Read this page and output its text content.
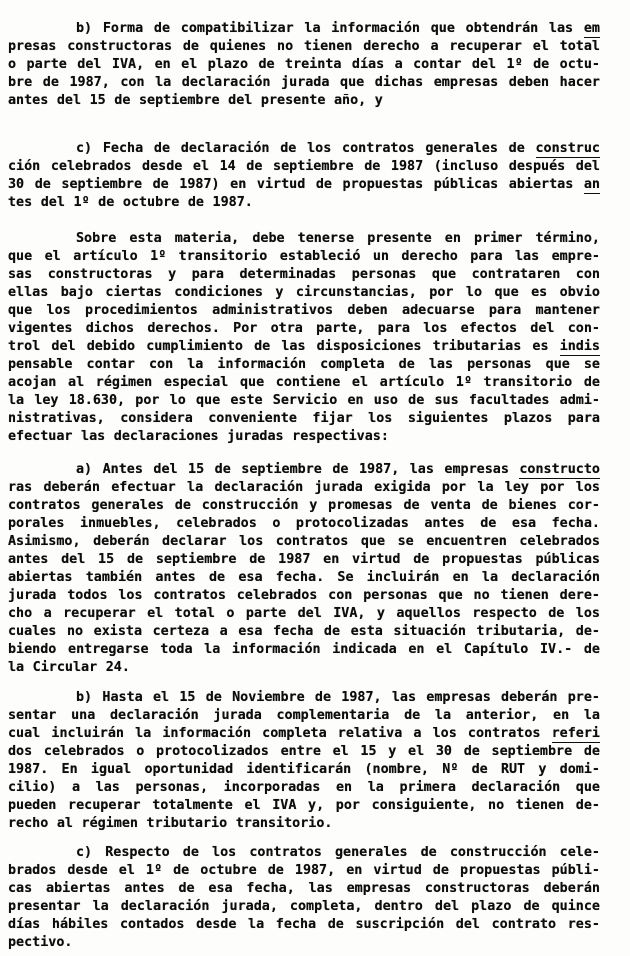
b) Forma de compatibilizar la información que obtendrán las em
presas constructoras de quienes no tienen derecho a recuperar el total
o parte del IVA, en el plazo de treinta días a contar del 1º de octu-
bre de 1987, con la declaración jurada que dichas empresas deben hacer
antes del 15 de septiembre del presente año, y
c) Fecha de declaración de los contratos generales de construc
ción celebrados desde el 14 de septiembre de 1987 (incluso después del
30 de septiembre de 1987) en virtud de propuestas públicas abiertas an
tes del 1º de octubre de 1987.
Sobre esta materia, debe tenerse presente en primer término,
que el artículo 1º transitorio estableció un derecho para las empre-
sas constructoras y para determinadas personas que contrataren con
ellas bajo ciertas condiciones y circunstancias, por lo que es obvio
que los procedimientos administrativos deben adecuarse para mantener
vigentes dichos derechos. Por otra parte, para los efectos del con-
trol del debido cumplimiento de las disposiciones tributarias es indis
pensable contar con la información completa de las personas que se
acojan al régimen especial que contiene el artículo 1º transitorio de
la ley 18.630, por lo que este Servicio en uso de sus facultades admi-
nistrativas, considera conveniente fijar los siguientes plazos para
efectuar las declaraciones juradas respectivas:
a) Antes del 15 de septiembre de 1987, las empresas constructo
ras deberán efectuar la declaración jurada exigida por la ley por los
contratos generales de construcción y promesas de venta de bienes cor-
porales inmuebles, celebrados o protocolizadas antes de esa fecha.
Asimismo, deberán declarar los contratos que se encuentren celebrados
antes del 15 de septiembre de 1987 en virtud de propuestas públicas
abiertas también antes de esa fecha. Se incluirán en la declaración
jurada todos los contratos celebrados con personas que no tienen dere-
cho a recuperar el total o parte del IVA, y aquellos respecto de los
cuales no exista certeza a esa fecha de esta situación tributaria, de-
biendo entregarse toda la información indicada en el Capítulo IV.- de
la Circular 24.
b) Hasta el 15 de Noviembre de 1987, las empresas deberán pre-
sentar una declaración jurada complementaria de la anterior, en la
cual incluirán la información completa relativa a los contratos referi
dos celebrados o protocolizados entre el 15 y el 30 de septiembre de
1987. En igual oportunidad identificarán (nombre, Nº de RUT y domi-
cilio) a las personas, incorporadas en la primera declaración que
pueden recuperar totalmente el IVA y, por consiguiente, no tienen de-
recho al régimen tributario transitorio.
c) Respecto de los contratos generales de construcción cele-
brados desde el 1º de octubre de 1987, en virtud de propuestas públi-
cas abiertas antes de esa fecha, las empresas constructoras deberán
presentar la declaración jurada, completa, dentro del plazo de quince
días hábiles contados desde la fecha de suscripción del contrato res-
pectivo.
